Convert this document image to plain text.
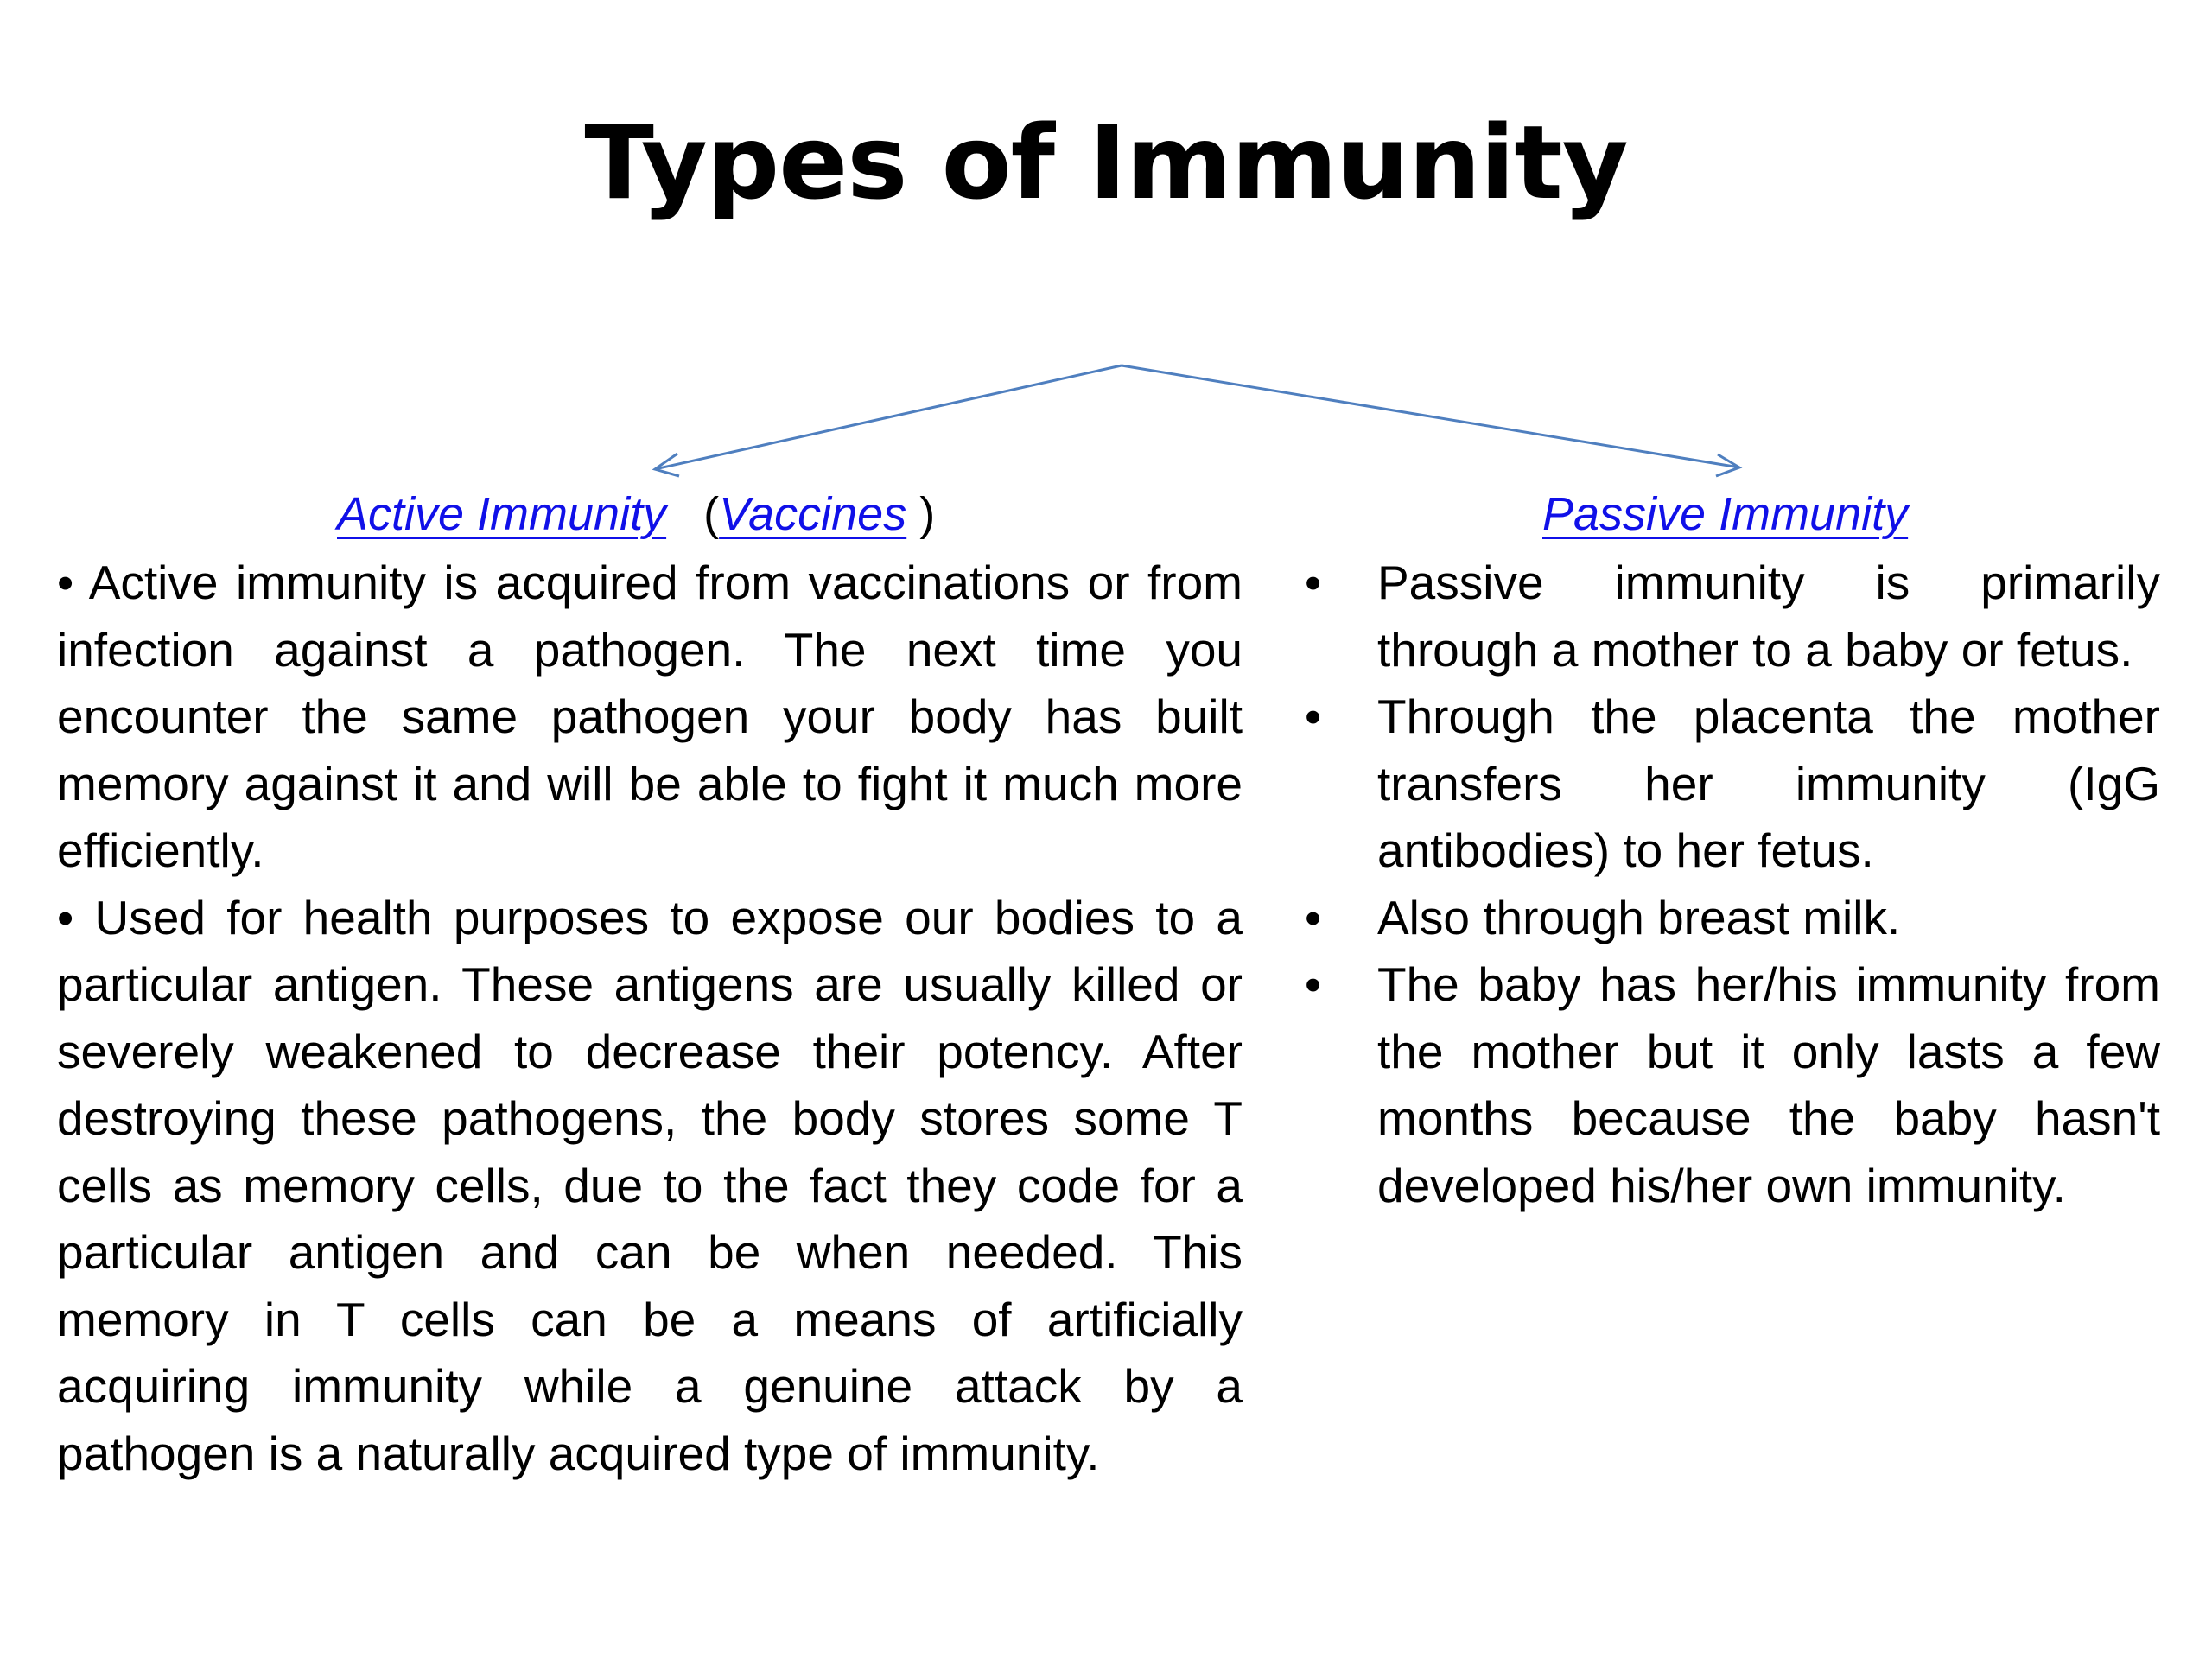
Types of Immunity
Active Immunity (Vaccines )	Passive Immunity

• Active immunity is acquired from vaccinations or from infection against a pathogen. The next time you encounter the same pathogen your body has built memory against it and will be able to fight it much more efficiently.

• Used for health purposes to expose our bodies to a particular antigen. These antigens are usually killed or severely weakened to decrease their potency. After destroying these pathogens, the body stores some T cells as memory cells, due to the fact they code for a particular antigen and can be when needed. This memory in T cells can be a means of artificially acquiring immunity while a genuine attack by a pathogen is a naturally acquired type of immunity.

• Passive immunity is primarily through a mother to a baby or fetus.
• Through the placenta the mother transfers her immunity (IgG antibodies) to her fetus.
• Also through breast milk.
• The baby has her/his immunity from the mother but it only lasts a few months because the baby hasn't developed his/her own immunity.
